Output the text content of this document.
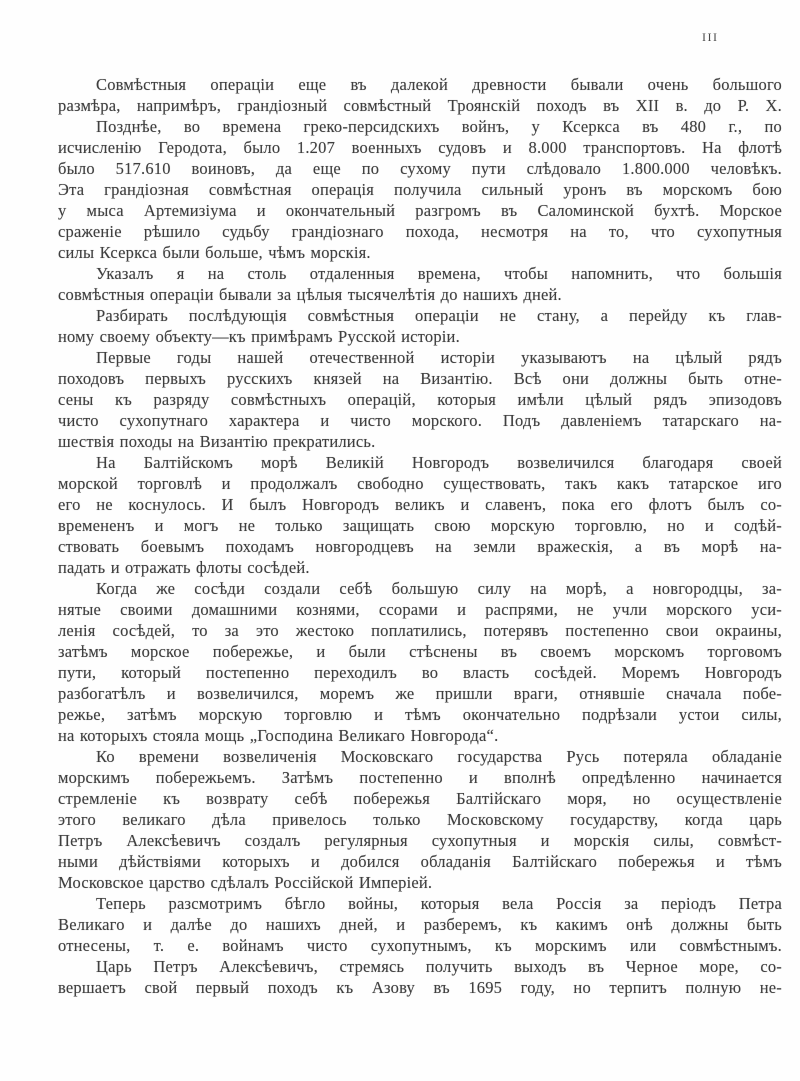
III
Совмѣстныя операціи еще въ далекой древности бывали очень большого
размѣра, напримѣръ, грандіозный совмѣстный Троянскій походъ въ XII в. до Р. Х.
Позднѣе, во времена греко-персидскихъ войнъ, у Ксеркса въ 480 г., по
исчисленію Геродота, было 1.207 военныхъ судовъ и 8.000 транспортовъ. На флотѣ
было 517.610 воиновъ, да еще по сухому пути слѣдовало 1.800.000 человѣкъ.
Эта грандіозная совмѣстная операція получила сильный уронъ въ морскомъ бою
у мыса Артемизіума и окончательный разгромъ въ Саломинской бухтѣ. Морское
сраженіе рѣшило судьбу грандіознаго похода, несмотря на то, что сухопутныя
силы Ксеркса были больше, чѣмъ морскія.
Указалъ я на столь отдаленныя времена, чтобы напомнить, что большія
совмѣстныя операціи бывали за цѣлыя тысячелѣтія до нашихъ дней.
Разбирать послѣдующія совмѣстныя операціи не стану, а перейду къ глав-
ному своему объекту—къ примѣрамъ Русской исторіи.
Первые годы нашей отечественной исторіи указываютъ на цѣлый рядъ
походовъ первыхъ русскихъ князей на Византію. Всѣ они должны быть отне-
сены къ разряду совмѣстныхъ операцій, которыя имѣли цѣлый рядъ эпизодовъ
чисто сухопутнаго характера и чисто морского. Подъ давленіемъ татарскаго на-
шествія походы на Византію прекратились.
На Балтійскомъ морѣ Великій Новгородъ возвеличился благодаря своей
морской торговлѣ и продолжалъ свободно существовать, такъ какъ татарское иго
его не коснулось. И былъ Новгородъ великъ и славенъ, пока его флотъ былъ со-
времененъ и могъ не только защищать свою морскую торговлю, но и содѣй-
ствовать боевымъ походамъ новгородцевъ на земли вражескія, а въ морѣ на-
падать и отражать флоты сосѣдей.
Когда же сосѣди создали себѣ большую силу на морѣ, а новгородцы, за-
нятые своими домашними кознями, ссорами и распрями, не учли морского уси-
ленія сосѣдей, то за это жестоко поплатились, потерявъ постепенно свои окраины,
затѣмъ морское побережье, и были стѣснены въ своемъ морскомъ торговомъ
пути, который постепенно переходилъ во власть сосѣдей. Моремъ Новгородъ
разбогатѣлъ и возвеличился, моремъ же пришли враги, отнявшіе сначала побе-
режье, затѣмъ морскую торговлю и тѣмъ окончательно подрѣзали устои силы,
на которыхъ стояла мощь „Господина Великаго Новгорода“.
Ко времени возвеличенія Московскаго государства Русь потеряла обладаніе
морскимъ побережьемъ. Затѣмъ постепенно и вполнѣ опредѣленно начинается
стремленіе къ возврату себѣ побережья Балтійскаго моря, но осуществленіе
этого великаго дѣла привелось только Московскому государству, когда царь
Петръ Алексѣевичъ создалъ регулярныя сухопутныя и морскія силы, совмѣст-
ными дѣйствіями которыхъ и добился обладанія Балтійскаго побережья и тѣмъ
Московское царство сдѣлалъ Россійской Имперіей.
Теперь разсмотримъ бѣгло войны, которыя вела Россія за періодъ Петра
Великаго и далѣе до нашихъ дней, и разберемъ, къ какимъ онѣ должны быть
отнесены, т. е. войнамъ чисто сухопутнымъ, къ морскимъ или совмѣстнымъ.
Царь Петръ Алексѣевичъ, стремясь получить выходъ въ Черное море, со-
вершаетъ свой первый походъ къ Азову въ 1695 году, но терпитъ полную не-
